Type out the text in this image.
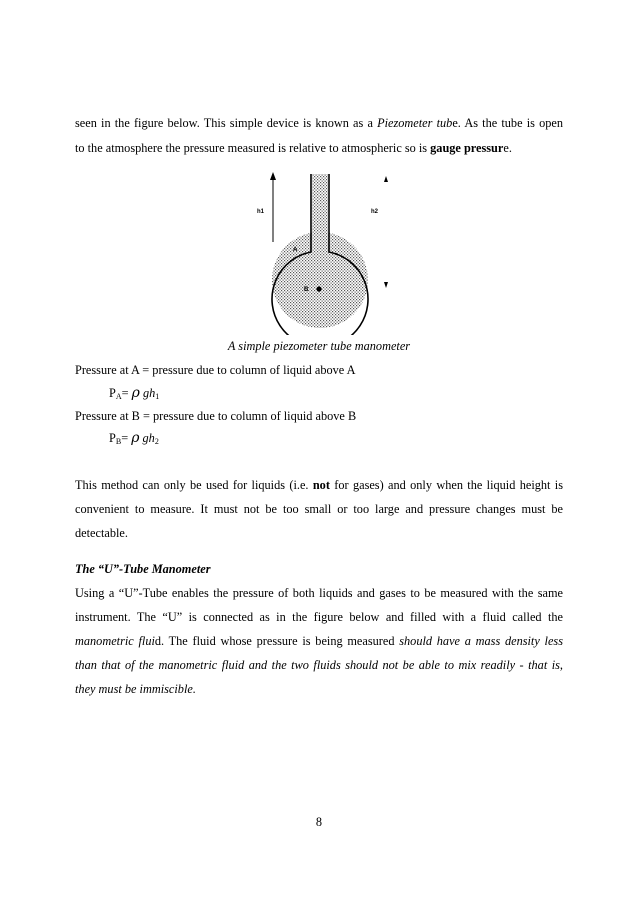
seen in the figure below. This simple device is known as a Piezometer tube. As the tube is open
to the atmosphere the pressure measured is relative to atmospheric so is gauge pressure.
h1	h2
A
B
A simple piezometer tube manometer
Pressure at A = pressure due to column of liquid above A
$P_A= \rho$ $gh_1$
Pressure at B = pressure due to column of liquid above B
$P_B= \rho$ $gh_2$
This method can only be used for liquids (i.e. not for gases) and only when the liquid height is
convenient to measure. It must not be too small or too large and pressure changes must be
detectable.
The “U”-Tube Manometer
Using a “U”-Tube enables the pressure of both liquids and gases to be measured with the same
instrument. The “U” is connected as in the figure below and filled with a fluid called the
manometric fluid. The fluid whose pressure is being measured should have a mass density less
than that of the manometric fluid and the two fluids should not be able to mix readily - that is,
they must be immiscible.
8
